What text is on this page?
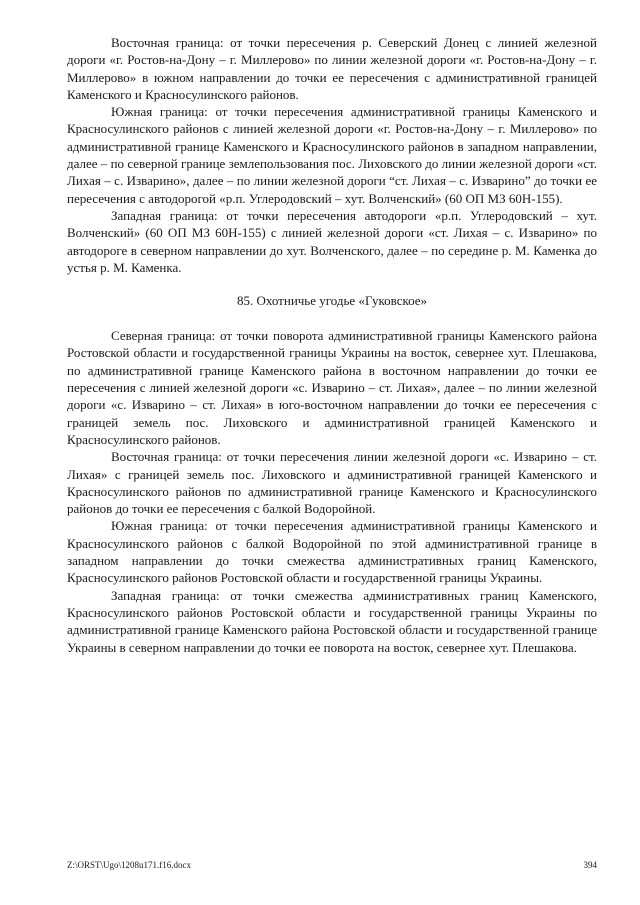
Восточная граница: от точки пересечения р. Северский Донец с линией железной дороги «г. Ростов-на-Дону – г. Миллерово» по линии железной дороги «г. Ростов-на-Дону – г. Миллерово» в южном направлении до точки ее пересечения с административной границей Каменского и Красносулинского районов.

Южная граница: от точки пересечения административной границы Каменского и Красносулинского районов с линией железной дороги «г. Ростов-на-Дону – г. Миллерово» по административной границе Каменского и Красносулинского районов в западном направлении, далее – по северной границе землепользования пос. Лиховского до линии железной дороги «ст. Лихая – с. Изварино», далее – по линии железной дороги “ст. Лихая – с. Изварино” до точки ее пересечения с автодорогой «р.п. Углеродовский – хут. Волченский» (60 ОП МЗ 60Н-155).

Западная граница: от точки пересечения автодороги «р.п. Углеродовский – хут. Волченский» (60 ОП МЗ 60Н-155) с линией железной дороги «ст. Лихая – с. Изварино» по автодороге в северном направлении до хут. Волченского, далее – по середине р. М. Каменка до устья р. М. Каменка.

85. Охотничье угодье «Гуковское»

Северная граница: от точки поворота административной границы Каменского района Ростовской области и государственной границы Украины на восток, севернее хут. Плешакова, по административной границе Каменского района в восточном направлении до точки ее пересечения с линией железной дороги «с. Изварино – ст. Лихая», далее – по линии железной дороги «с. Изварино – ст. Лихая» в юго-восточном направлении до точки ее пересечения с границей земель пос. Лиховского и административной границей Каменского и Красносулинского районов.

Восточная граница: от точки пересечения линии железной дороги «с. Изварино – ст. Лихая» с границей земель пос. Лиховского и административной границей Каменского и Красносулинского районов по административной границе Каменского и Красносулинского районов до точки ее пересечения с балкой Водоройной.

Южная граница: от точки пересечения административной границы Каменского и Красносулинского районов с балкой Водоройной по этой административной границе в западном направлении до точки смежества административных границ Каменского, Красносулинского районов Ростовской области и государственной границы Украины.

Западная граница: от точки смежества административных границ Каменского, Красносулинского районов Ростовской области и государственной границы Украины по административной границе Каменского района Ростовской области и государственной границе Украины в северном направлении до точки ее поворота на восток, севернее хут. Плешакова.

Z:\ORST\Ugo\1208u171.f16.docx	394
